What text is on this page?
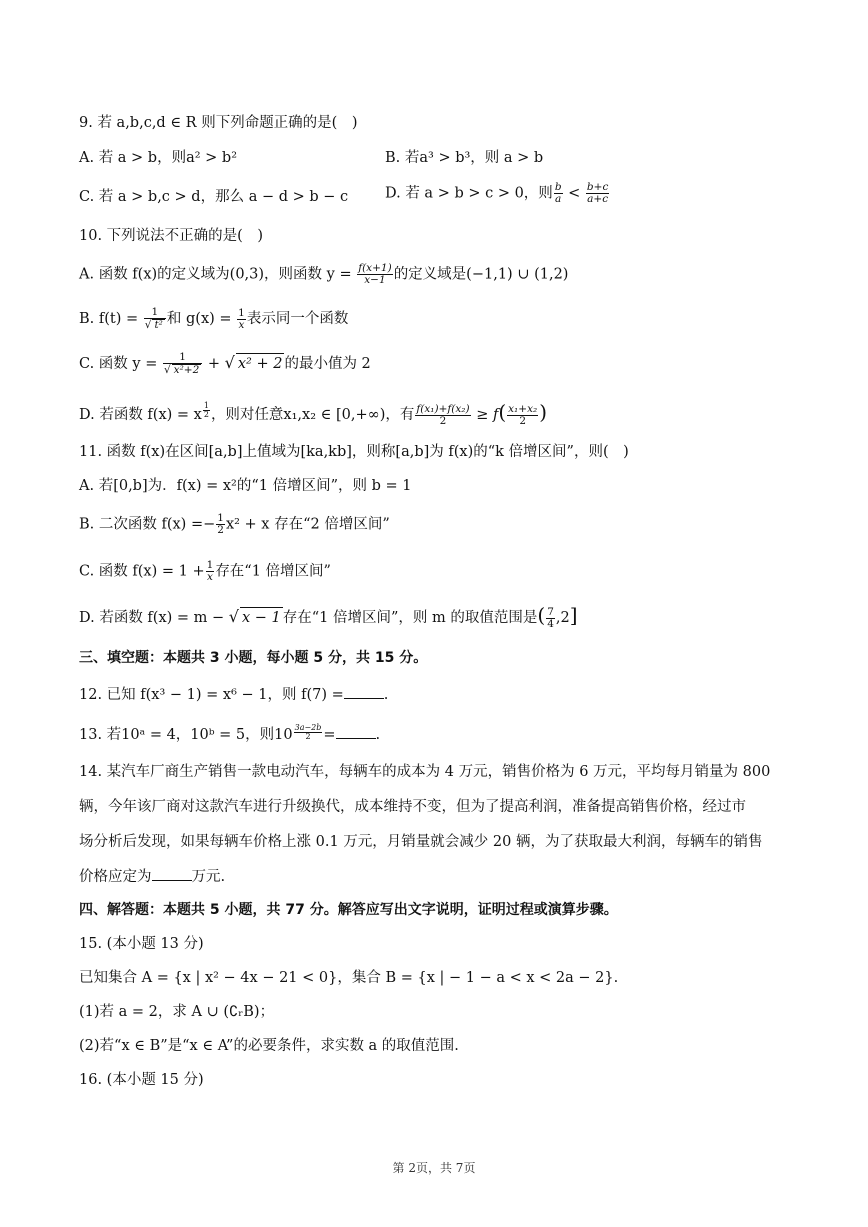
9. 若 a,b,c,d ∈ R 则下列命题正确的是(　)
A. 若 a > b，则a² > b²	B. 若a³ > b³，则 a > b
C. 若 a > b,c > d，那么 a − d > b − c	D. 若 a > b > c > 0，则 $\frac{b}{a} < \frac{b+c}{a+c}$
10. 下列说法不正确的是(　)
A. 函数 f(x)的定义域为(0,3)，则函数 $y = \frac{f(x+1)}{x-1}$ 的定义域是(−1,1) ∪ (1,2)
B. $f(t) = \frac{1}{\text{√ t²}}$ 和 $g(x) = \frac{1}{x}$ 表示同一个函数
C. 函数 $y = \frac{1}{\text{√ x²+2}}$ + √ x² + 2 的最小值为 2
D. 若函数 f(x) = x $\frac{1}{2}$ ，则对任意x₁,x₂ ∈ [0,+∞)，有 $\frac{\text{f(x₁)+f(x₂)}}{2} \ge f( \frac{\text{x₁+x₂}}{2}$ )
11. 函数 f(x)在区间[a,b]上值域为[ka,kb]，则称[a,b]为 f(x)的“k 倍增区间”，则(　)
A. 若[0,b]为．f(x) = x²的“1 倍增区间”，则 b = 1
B. 二次函数 $f(x) =- \frac{1}{2} x^2 + x$ 存在“2 倍增区间”
C. 函数 $f(x) = 1 + \frac{1}{x}$ 存在“1 倍增区间”
D. 若函数 f(x) = m − √ x − 1 存在“1 倍增区间”，则 m 的取值范围是( $\frac{7}{4} ,2$]
三、填空题：本题共 3 小题，每小题 5 分，共 15 分。
12. 已知 f(x³ − 1) = x⁶ − 1，则 f(7) =	.
13. 若10ᵃ = 4，10ᵇ = 5，则$10 \frac{3a-2b}{2}$ =	.
14. 某汽车厂商生产销售一款电动汽车，每辆车的成本为 4 万元，销售价格为 6 万元，平均每月销量为 800
辆，今年该厂商对这款汽车进行升级换代，成本维持不变，但为了提高利润，准备提高销售价格，经过市
场分析后发现，如果每辆车价格上涨 0.1 万元，月销量就会减少 20 辆，为了获取最大利润，每辆车的销售
价格应定为	万元.
四、解答题：本题共 5 小题，共 77 分。解答应写出文字说明，证明过程或演算步骤。
15. (本小题 13 分)
已知集合 A = {x | x² − 4x − 21 < 0}，集合 B = {x | − 1 − a < x < 2a − 2}.
(1)若 a = 2，求 A ∪ (∁ᵣB)；
(2)若“x ∈ B”是“x ∈ A”的必要条件，求实数 a 的取值范围.
16. (本小题 15 分)
第 2页，共 7页
